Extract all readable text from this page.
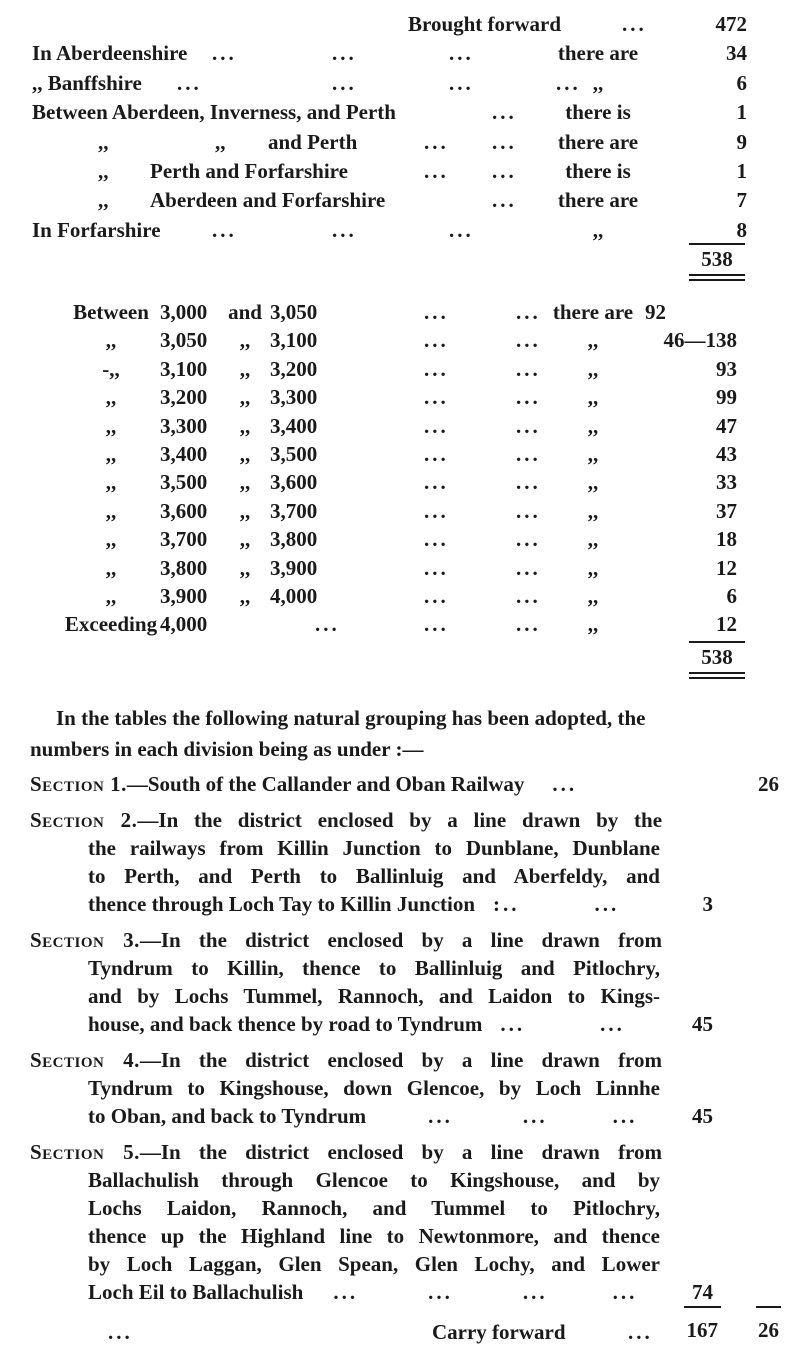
Brought forward	...	472
In Aberdeenshire ...	...	...	there are	34
,, Banffshire ...	...	...	... ,,	6
Between Aberdeen, Inverness, and Perth	...	there is	1
,,	,, and Perth	... ...	there are	9
,, Perth and Forfarshire	... ...	there is	1
,, Aberdeen and Forfarshire	...	there are	7
In Forfarshire ...	...	...	,,	8
538
Between 3,000 and 3,050	...	... there are 92
,,	3,050	,, 3,100	...	...	,,	46—138
-,,	3,100	,, 3,200	...	...	,,	93
,,	3,200	,, 3,300	...	...	,,	99
,,	3,300	,, 3,400	...	...	,,	47
,,	3,400	,, 3,500	...	...	,,	43
,,	3,500	,, 3,600	...	...	,,	33
,,	3,600	,, 3,700	...	...	,,	37
,,	3,700	,, 3,800	...	...	,,	18
,,	3,800	,, 3,900	...	...	,,	12
,,	3,900	,, 4,000	...	...	,,	6
Exceeding 4,000	...	...	...	,,	12
538
In the tables the following natural grouping has been adopted, the
numbers in each division being as under :—
Section 1.—South of the Callander and Oban Railway ...	26
Section 2.—In the district enclosed by a line drawn by the
the railways from Killin Junction to Dunblane, Dunblane
to Perth, and Perth to Ballinluig and Aberfeldy, and
thence through Loch Tay to Killin Junction :..	...	3
Section 3.—In the district enclosed by a line drawn from
Tyndrum to Killin, thence to Ballinluig and Pitlochry,
and by Lochs Tummel, Rannoch, and Laidon to Kings-
house, and back thence by road to Tyndrum ...	...	45
Section 4.—In the district enclosed by a line drawn from
Tyndrum to Kingshouse, down Glencoe, by Loch Linnhe
to Oban, and back to Tyndrum	...	...	...	45
Section 5.—In the district enclosed by a line drawn from
Ballachulish through Glencoe to Kingshouse, and by
Lochs Laidon, Rannoch, and Tummel to Pitlochry,
thence up the Highland line to Newtonmore, and thence
by Loch Laggan, Glen Spean, Glen Lochy, and Lower
Loch Eil to Ballachulish ...	...	...	...	74
...	Carry forward	... 167 26
